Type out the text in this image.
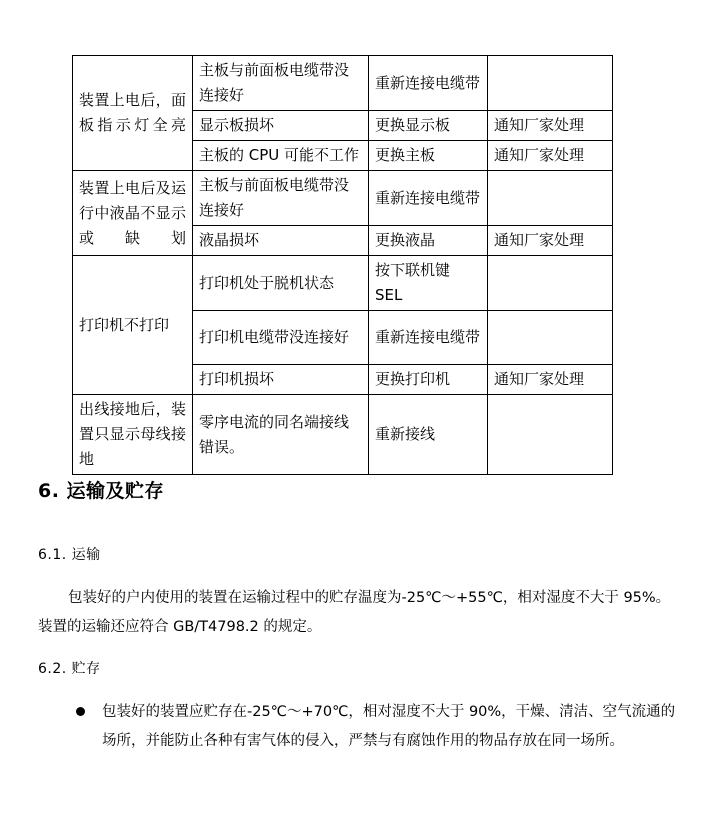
装置上电后，面板指示灯全亮	主板与前面板电缆带没连接好	重新连接电缆带	

	显示板损坏	更换显示板	通知厂家处理

	主板的 CPU 可能不工作	更换主板	通知厂家处理

装置上电后及运行中液晶不显示或缺划	主板与前面板电缆带没连接好	重新连接电缆带	

	液晶损坏	更换液晶	通知厂家处理

打印机不打印	打印机处于脱机状态	按下联机键 SEL	

	打印机电缆带没连接好	重新连接电缆带	

	打印机损坏	更换打印机	通知厂家处理

出线接地后，装置只显示母线接地	零序电流的同名端接线错误。	重新接线	

6. 运输及贮存
6.1. 运输

包装好的户内使用的装置在运输过程中的贮存温度为-25℃～+55℃，相对湿度不大于 95%。装置的运输还应符合 GB/T4798.2 的规定。

6.2. 贮存

包装好的装置应贮存在-25℃～+70℃，相对湿度不大于 90%，干燥、清洁、空气流通的场所，并能防止各种有害气体的侵入，严禁与有腐蚀作用的物品存放在同一场所。
